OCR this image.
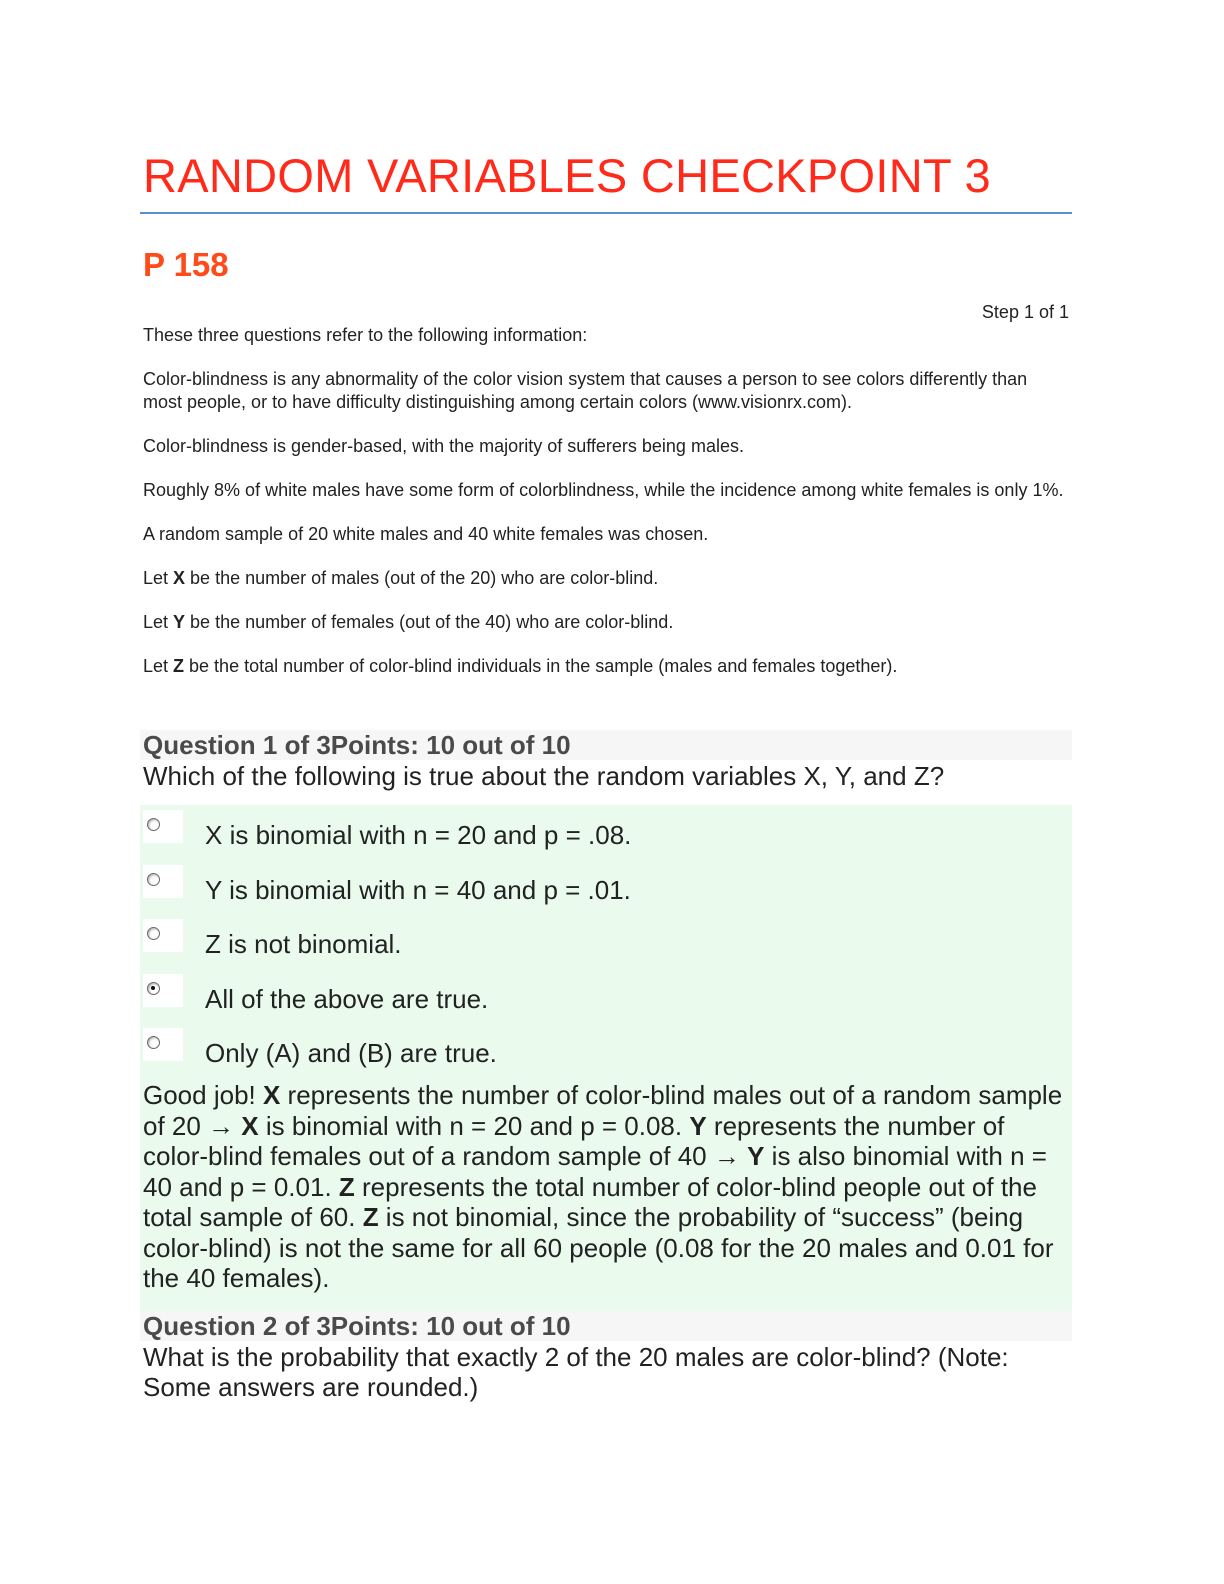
RANDOM VARIABLES CHECKPOINT 3
P 158
Step 1 of 1

These three questions refer to the following information:

Color-blindness is any abnormality of the color vision system that causes a person to see colors differently than most people, or to have difficulty distinguishing among certain colors (www.visionrx.com).

Color-blindness is gender-based, with the majority of sufferers being males.

Roughly 8% of white males have some form of colorblindness, while the incidence among white females is only 1%.

A random sample of 20 white males and 40 white females was chosen.

Let X be the number of males (out of the 20) who are color-blind.

Let Y be the number of females (out of the 40) who are color-blind.

Let Z be the total number of color-blind individuals in the sample (males and females together).

Question 1 of 3Points: 10 out of 10
Which of the following is true about the random variables X, Y, and Z?
X is binomial with n = 20 and p = .08.
Y is binomial with n = 40 and p = .01.
Z is not binomial.
All of the above are true.
Only (A) and (B) are true.
Good job! X represents the number of color-blind males out of a random sample of 20 → X is binomial with n = 20 and p = 0.08. Y represents the number of color-blind females out of a random sample of 40 → Y is also binomial with n = 40 and p = 0.01. Z represents the total number of color-blind people out of the total sample of 60. Z is not binomial, since the probability of “success” (being color-blind) is not the same for all 60 people (0.08 for the 20 males and 0.01 for the 40 females).
Question 2 of 3Points: 10 out of 10
What is the probability that exactly 2 of the 20 males are color-blind? (Note: Some answers are rounded.)
